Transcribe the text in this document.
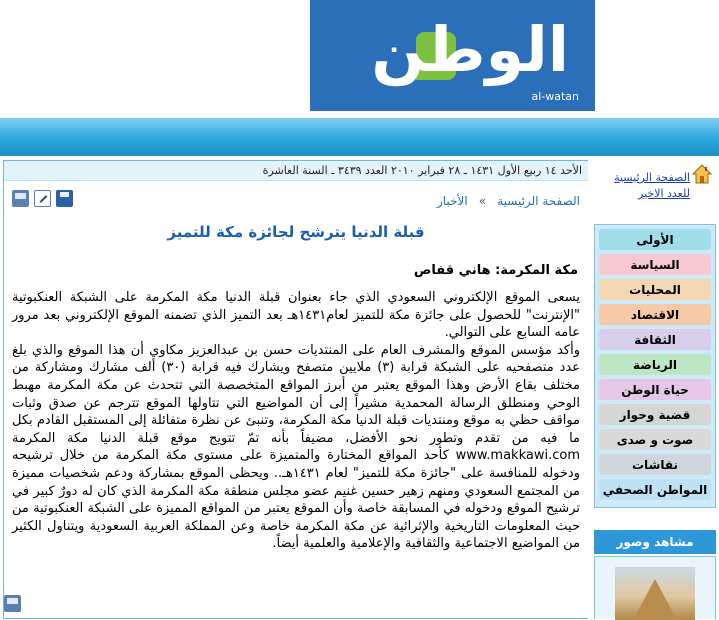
الوطن
al-watan
الأحد ١٤ ربيع الأول ١٤٣١ ـ ٢٨ فبراير ٢٠١٠ العدد ٣٤٣٩ ـ السنة العاشرة
الصفحة الرئيسية » الأخبار
قبلة الدنيا يترشح لجائزة مكة للتميز
مكة المكرمة: هاني قفاص

يسعى الموقع الإلكتروني السعودي الذي جاء بعنوان قبلة الدنيا مكة المكرمة على الشبكة العنكبوتية "الإنترنت" للحصول على جائزة مكة للتميز لعام١٤٣١هـ بعد التميز الذي تضمنه الموقع الإلكتروني بعد مرور عامه السابع على التوالي.

وأكد مؤسس الموقع والمشرف العام على المنتديات حسن بن عبدالعزيز مكاوي أن هذا الموقع والذي بلغ عدد متصفحيه على الشبكة قرابة (٣) ملايين متصفح ويشارك فيه قرابة (٣٠) ألف مشارك ومشاركة من مختلف بقاع الأرض وهذا الموقع يعتبر من أبرز المواقع المتخصصة التي تتحدث عن مكة المكرمة مهبط الوحي ومنطلق الرسالة المحمدية مشيراً إلى أن المواضيع التي تتاولها الموقع تترجم عن صدق وثبات مواقف حظي به موقع ومنتديات قبلة الدنيا مكة المكرمة، وتنبئ عن نظرة متفائلة إلى المستقبل القادم بكل ما فيه من تقدم وتطور نحو الأفضل، مضيفاً بأنه تمّ تتويج موقع قبلة الدنيا مكة المكرمة www.makkawi.com كأحد المواقع المختارة والمتميزة على مستوى مكة المكرمة من خلال ترشيحه ودخوله للمنافسة على "جائزة مكة للتميز" لعام ١٤٣١هـ.. ويحظى الموقع بمشاركة ودعم شخصيات مميزة من المجتمع السعودي ومنهم زهير حسين غنيم عضو مجلس منطقة مكة المكرمة الذي كان له دورٌ كبير في ترشيح الموقع ودخوله في المسابقة خاصة وأن الموقع يعتبر من المواقع المميزة على الشبكة العنكبوتية من حيث المعلومات التاريخية والإثرائية عن مكة المكرمة خاصة وعن المملكة العربية السعودية ويتناول الكثير من المواضيع الاجتماعية والثقافية والإعلامية والعلمية أيضاً.

الصفحة الرئيسية للعدد الاخير
الأولى
السياسة
المحليات
الاقتصاد
الثقافة
الرياضة
حياة الوطن
قضية وحوار
صوت و صدى
نقاشات
المواطن الصحفي
مشاهد وصور
